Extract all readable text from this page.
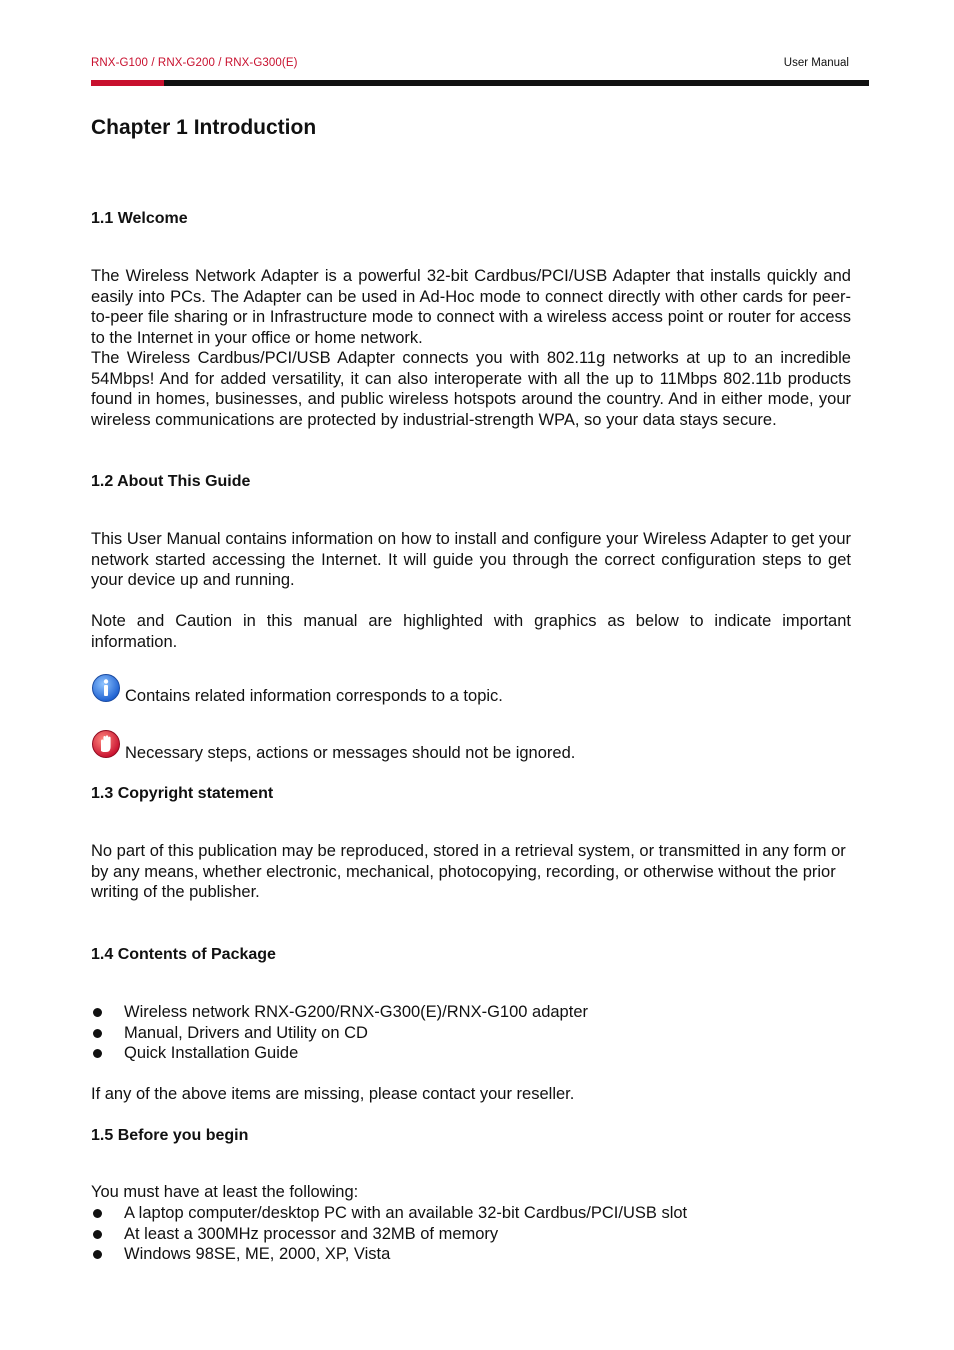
RNX-G100 / RNX-G200 / RNX-G300(E)	User Manual
Chapter 1 Introduction
1.1 Welcome

The Wireless Network Adapter is a powerful 32-bit Cardbus/PCI/USB Adapter that installs quickly and easily into PCs. The Adapter can be used in Ad-Hoc mode to connect directly with other cards for peer-to-peer file sharing or in Infrastructure mode to connect with a wireless access point or router for access to the Internet in your office or home network.

The Wireless Cardbus/PCI/USB Adapter connects you with 802.11g networks at up to an incredible 54Mbps! And for added versatility, it can also interoperate with all the up to 11Mbps 802.11b products found in homes, businesses, and public wireless hotspots around the country. And in either mode, your wireless communications are protected by industrial-strength WPA, so your data stays secure.

1.2 About This Guide

This User Manual contains information on how to install and configure your Wireless Adapter to get your network started accessing the Internet. It will guide you through the correct configuration steps to get your device up and running.

Note and Caution in this manual are highlighted with graphics as below to indicate important information.

Contains related information corresponds to a topic.
Necessary steps, actions or messages should not be ignored.
1.3 Copyright statement

No part of this publication may be reproduced, stored in a retrieval system, or transmitted in any form or by any means, whether electronic, mechanical, photocopying, recording, or otherwise without the prior writing of the publisher.

1.4 Contents of Package
Wireless network RNX-G200/RNX-G300(E)/RNX-G100 adapter
Manual, Drivers and Utility on CD
Quick Installation Guide

If any of the above items are missing, please contact your reseller.

1.5 Before you begin

You must have at least the following:

A laptop computer/desktop PC with an available 32-bit Cardbus/PCI/USB slot
At least a 300MHz processor and 32MB of memory
Windows 98SE, ME, 2000, XP, Vista
